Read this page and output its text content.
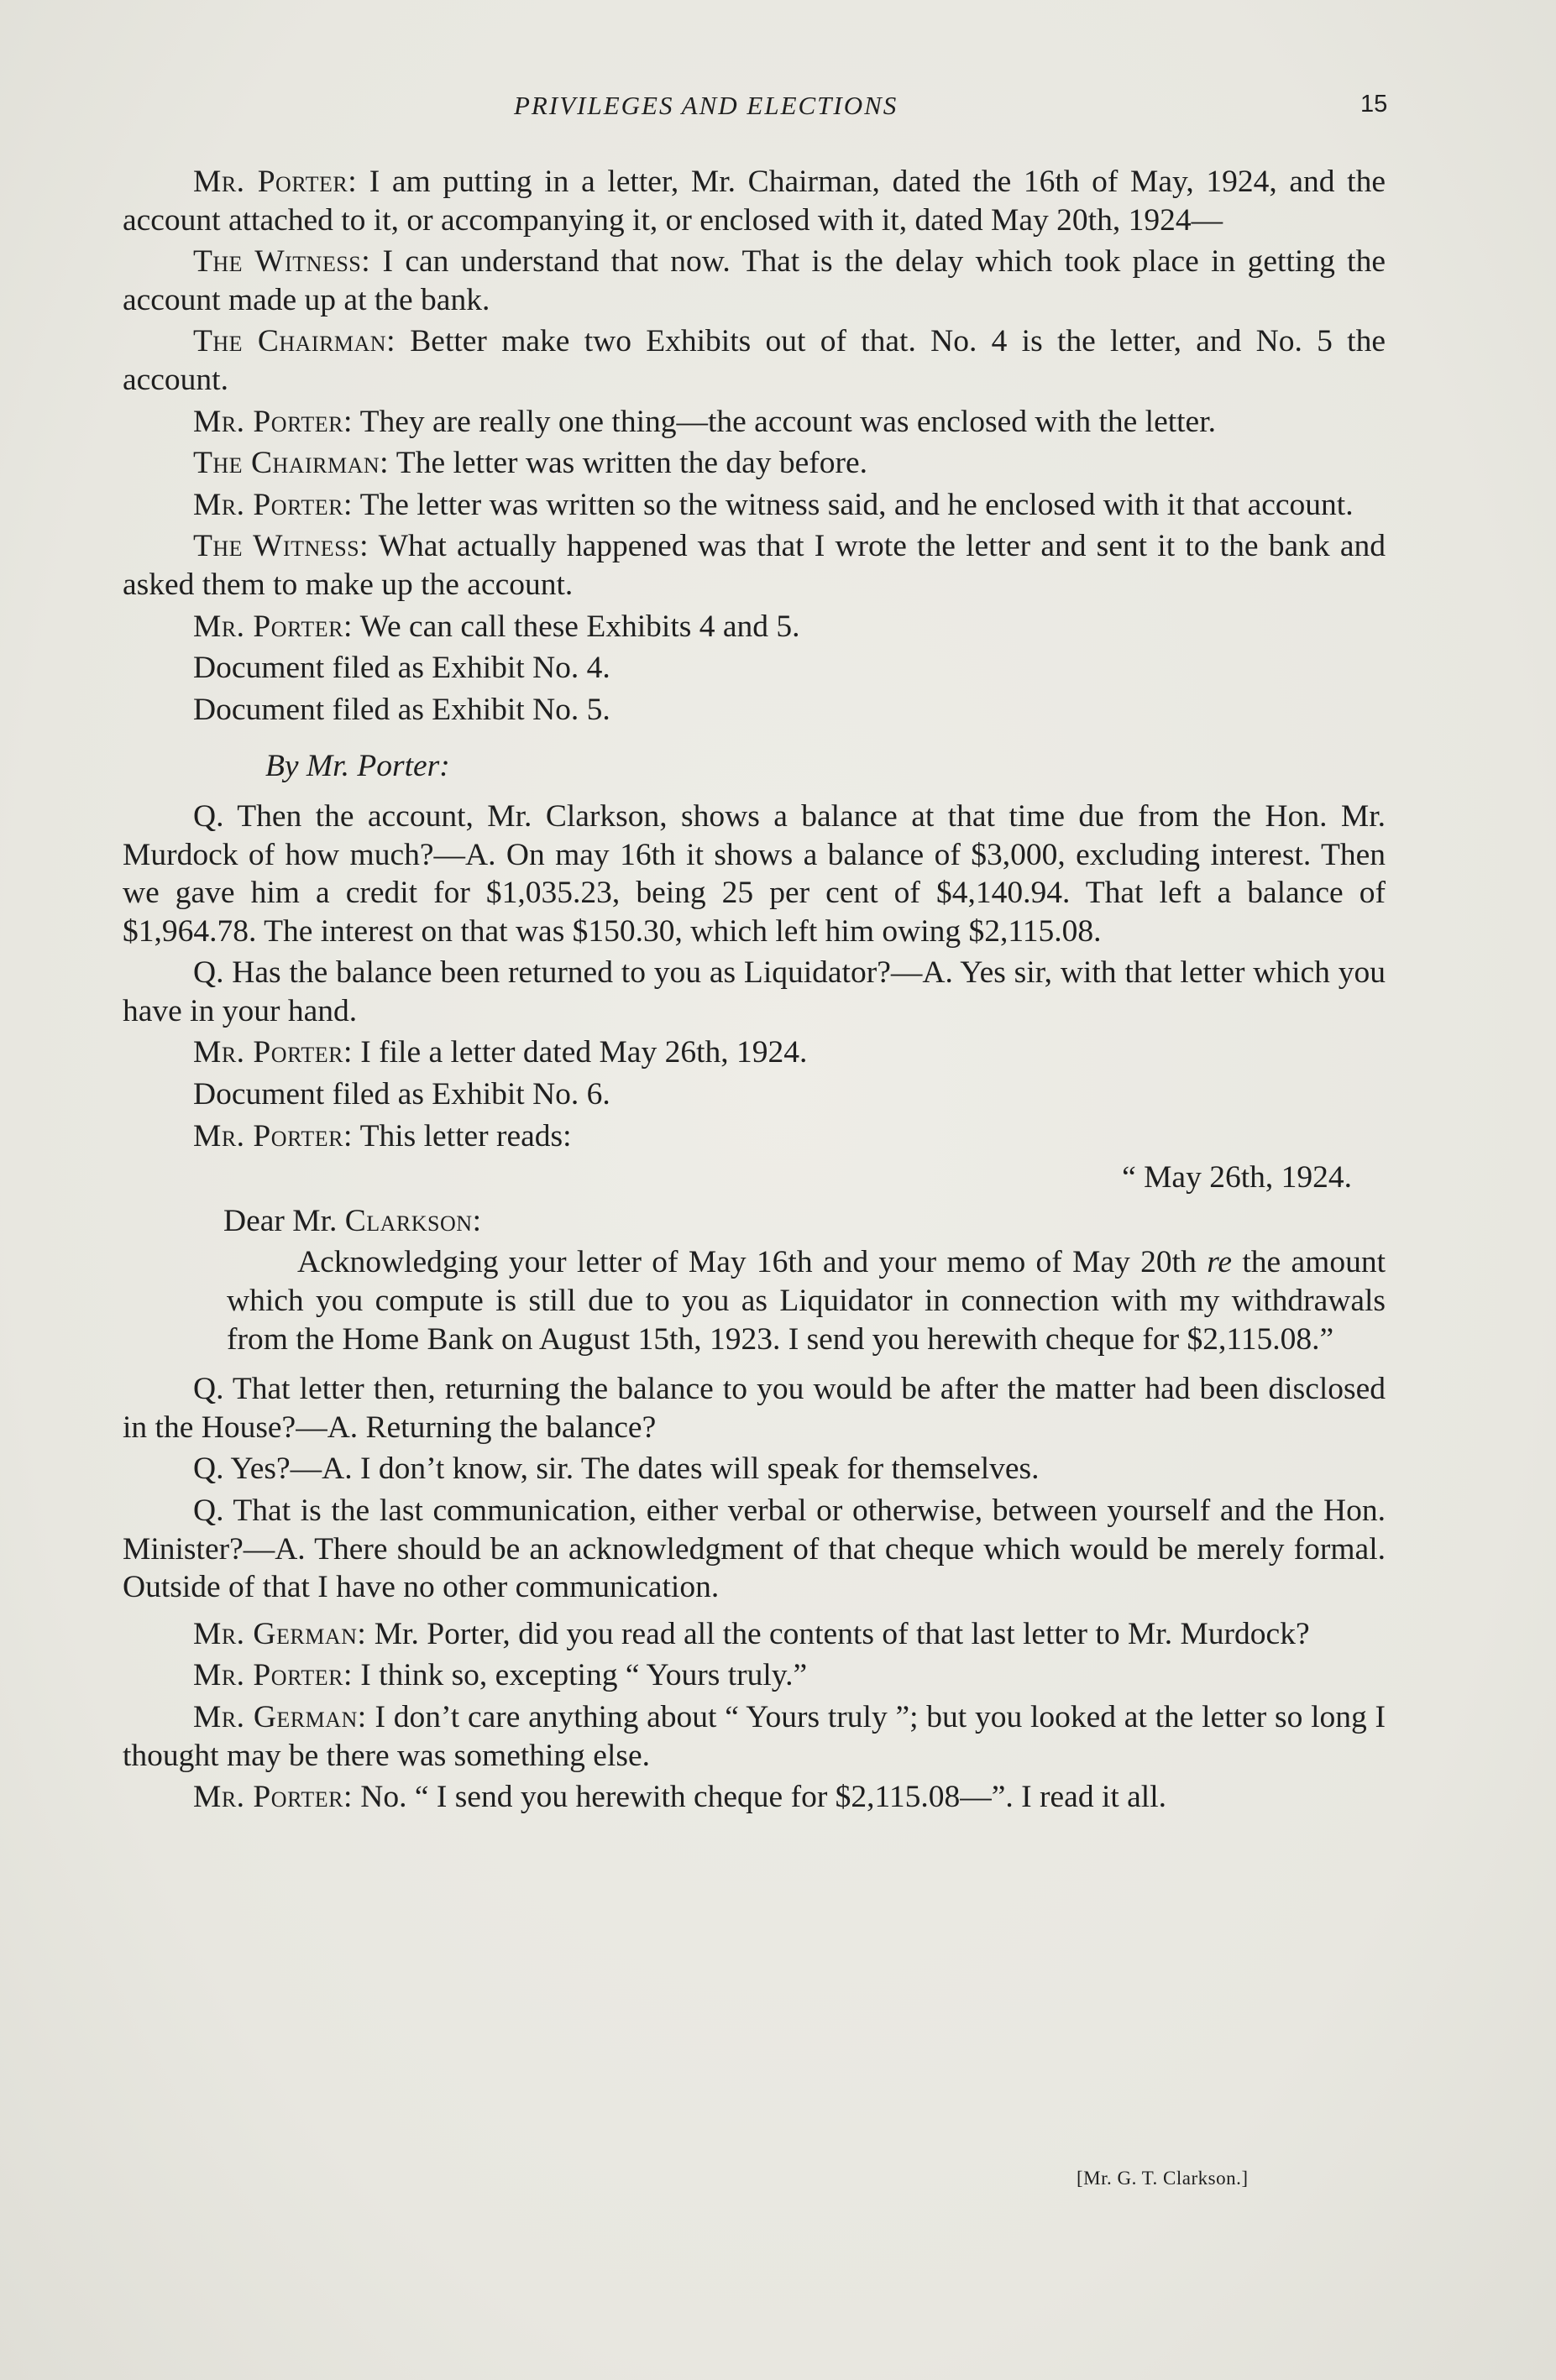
PRIVILEGES AND ELECTIONS	15

Mr. Porter: I am putting in a letter, Mr. Chairman, dated the 16th of May, 1924, and the account attached to it, or accompanying it, or enclosed with it, dated May 20th, 1924—

The Witness: I can understand that now. That is the delay which took place in getting the account made up at the bank.

The Chairman: Better make two Exhibits out of that. No. 4 is the letter, and No. 5 the account.

Mr. Porter: They are really one thing—the account was enclosed with the letter.

The Chairman: The letter was written the day before.

Mr. Porter: The letter was written so the witness said, and he enclosed with it that account.

The Witness: What actually happened was that I wrote the letter and sent it to the bank and asked them to make up the account.

Mr. Porter: We can call these Exhibits 4 and 5.

Document filed as Exhibit No. 4.

Document filed as Exhibit No. 5.

By Mr. Porter:

Q. Then the account, Mr. Clarkson, shows a balance at that time due from the Hon. Mr. Murdock of how much?—A. On may 16th it shows a balance of $3,000, excluding interest. Then we gave him a credit for $1,035.23, being 25 per cent of $4,140.94. That left a balance of $1,964.78. The interest on that was $150.30, which left him owing $2,115.08.

Q. Has the balance been returned to you as Liquidator?—A. Yes sir, with that letter which you have in your hand.

Mr. Porter: I file a letter dated May 26th, 1924.

Document filed as Exhibit No. 6.

Mr. Porter: This letter reads:

“ May 26th, 1924.
Dear Mr. Clarkson:

Acknowledging your letter of May 16th and your memo of May 20th re the amount which you compute is still due to you as Liquidator in connection with my withdrawals from the Home Bank on August 15th, 1923. I send you herewith cheque for $2,115.08.”

Q. That letter then, returning the balance to you would be after the matter had been disclosed in the House?—A. Returning the balance?

Q. Yes?—A. I don’t know, sir. The dates will speak for themselves.

Q. That is the last communication, either verbal or otherwise, between yourself and the Hon. Minister?—A. There should be an acknowledgment of that cheque which would be merely formal. Outside of that I have no other communication.

Mr. German: Mr. Porter, did you read all the contents of that last letter to Mr. Murdock?

Mr. Porter: I think so, excepting “ Yours truly.”

Mr. German: I don’t care anything about “ Yours truly ”; but you looked at the letter so long I thought may be there was something else.

Mr. Porter: No. “ I send you herewith cheque for $2,115.08—”. I read it all.

[Mr. G. T. Clarkson.]
